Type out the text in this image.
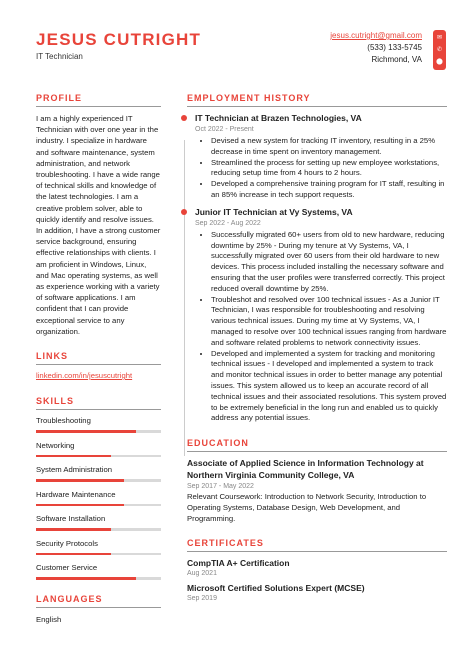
JESUS CUTRIGHT
IT Technician
jesus.cutright@gmail.com
(533) 133-5745
Richmond, VA
✉
✆
⬤
PROFILE
I am a highly experienced IT Technician with over one year in the industry. I specialize in hardware and software maintenance, system administration, and network troubleshooting. I have a wide range of technical skills and knowledge of the latest technologies. I am a creative problem solver, able to quickly identify and resolve issues. In addition, I have a strong customer service background, ensuring effective relationships with clients. I am proficient in Windows, Linux, and Mac operating systems, as well as experience working with a variety of software applications. I am confident that I can provide exceptional service to any organization.
LINKS
linkedin.com/in/jesuscutright
SKILLS
Troubleshooting
Networking
System Administration
Hardware Maintenance
Software Installation
Security Protocols
Customer Service
LANGUAGES
English
EMPLOYMENT HISTORY
IT Technician at Brazen Technologies, VA
Oct 2022 - Present
• Devised a new system for tracking IT inventory, resulting in a 25% decrease in time spent on inventory management.
• Streamlined the process for setting up new employee workstations, reducing setup time from 4 hours to 2 hours.
• Developed a comprehensive training program for IT staff, resulting in an 85% increase in tech support requests.
Junior IT Technician at Vy Systems, VA
Sep 2022 - Aug 2022
• Successfully migrated 60+ users from old to new hardware, reducing downtime by 25% - During my tenure at Vy Systems, VA, I successfully migrated over 60 users from their old hardware to new devices. This process included installing the necessary software and ensuring that the user profiles were transferred correctly. This project reduced overall downtime by 25%.
• Troubleshot and resolved over 100 technical issues - As a Junior IT Technician, I was responsible for troubleshooting and resolving various technical issues. During my time at Vy Systems, VA, I managed to resolve over 100 technical issues ranging from hardware and software related problems to network connectivity issues.
• Developed and implemented a system for tracking and monitoring technical issues - I developed and implemented a system to track and monitor technical issues in order to better manage any potential issues. This system allowed us to keep an accurate record of all technical issues and their associated resolutions. This system proved to be extremely beneficial in the long run and enabled us to quickly address any potential issues.
EDUCATION
Associate of Applied Science in Information Technology at Northern Virginia Community College, VA
Sep 2017 - May 2022
Relevant Coursework: Introduction to Network Security, Introduction to Operating Systems, Database Design, Web Development, and Programming.
CERTIFICATES
CompTIA A+ Certification
Aug 2021
Microsoft Certified Solutions Expert (MCSE)
Sep 2019
